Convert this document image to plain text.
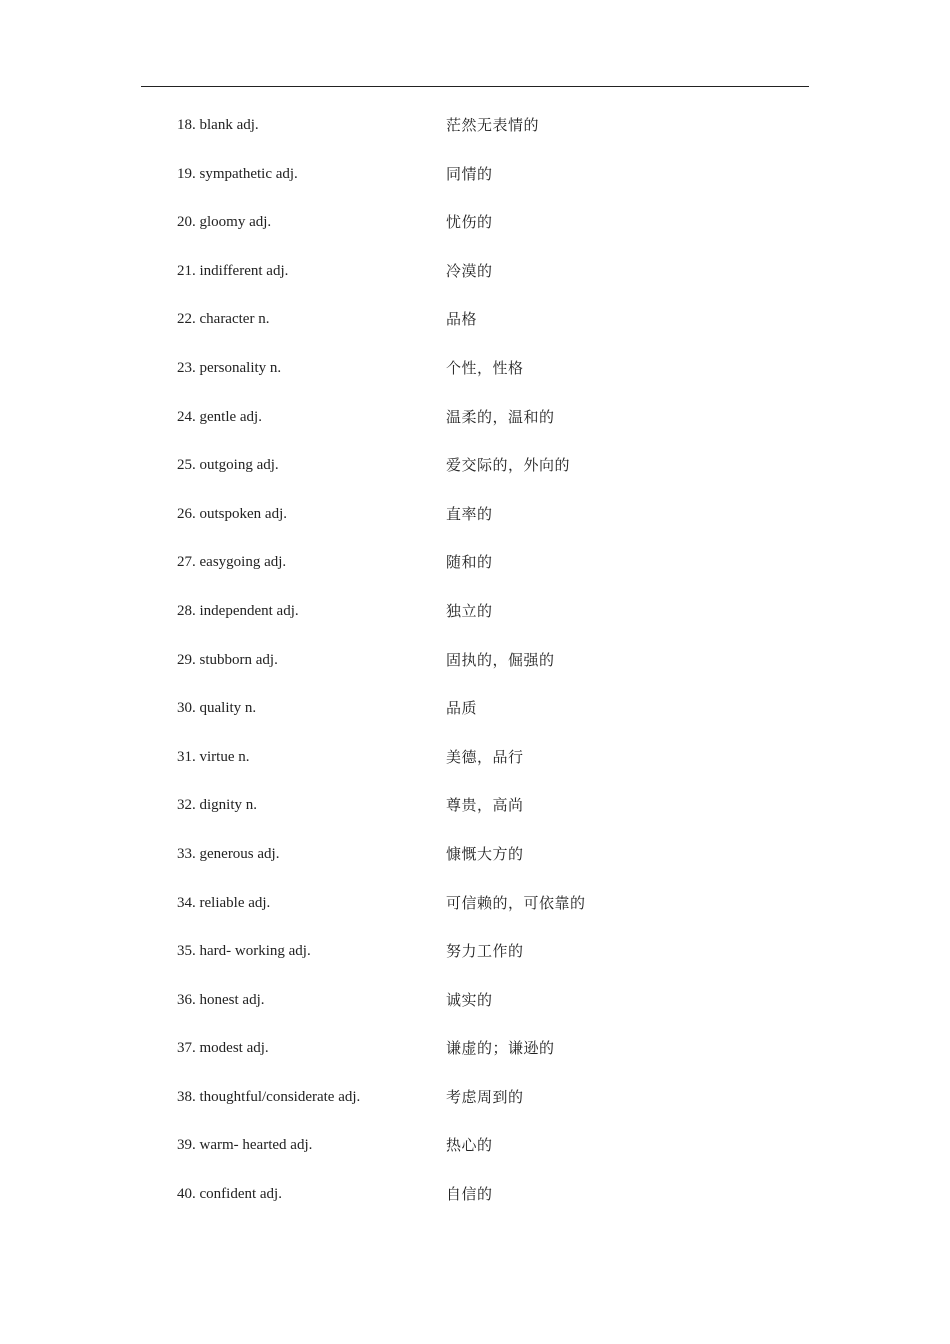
18. blank adj.	茫然无表情的
19. sympathetic adj.	同情的
20. gloomy adj.	忧伤的
21. indifferent adj.	冷漠的
22. character n.	品格
23. personality n.	个性，性格
24. gentle adj.	温柔的，温和的
25. outgoing adj.	爱交际的，外向的
26. outspoken adj.	直率的
27. easygoing adj.	随和的
28. independent adj.	独立的
29. stubborn adj.	固执的，倔强的
30. quality n.	品质
31. virtue n.	美德，品行
32. dignity n.	尊贵，高尚
33. generous adj.	慷慨大方的
34. reliable adj.	可信赖的，可依靠的
35. hard- working adj.	努力工作的
36. honest adj.	诚实的
37. modest adj.	谦虚的；谦逊的
38. thoughtful/considerate adj.	考虑周到的
39. warm- hearted adj.	热心的
40. confident adj.	自信的
